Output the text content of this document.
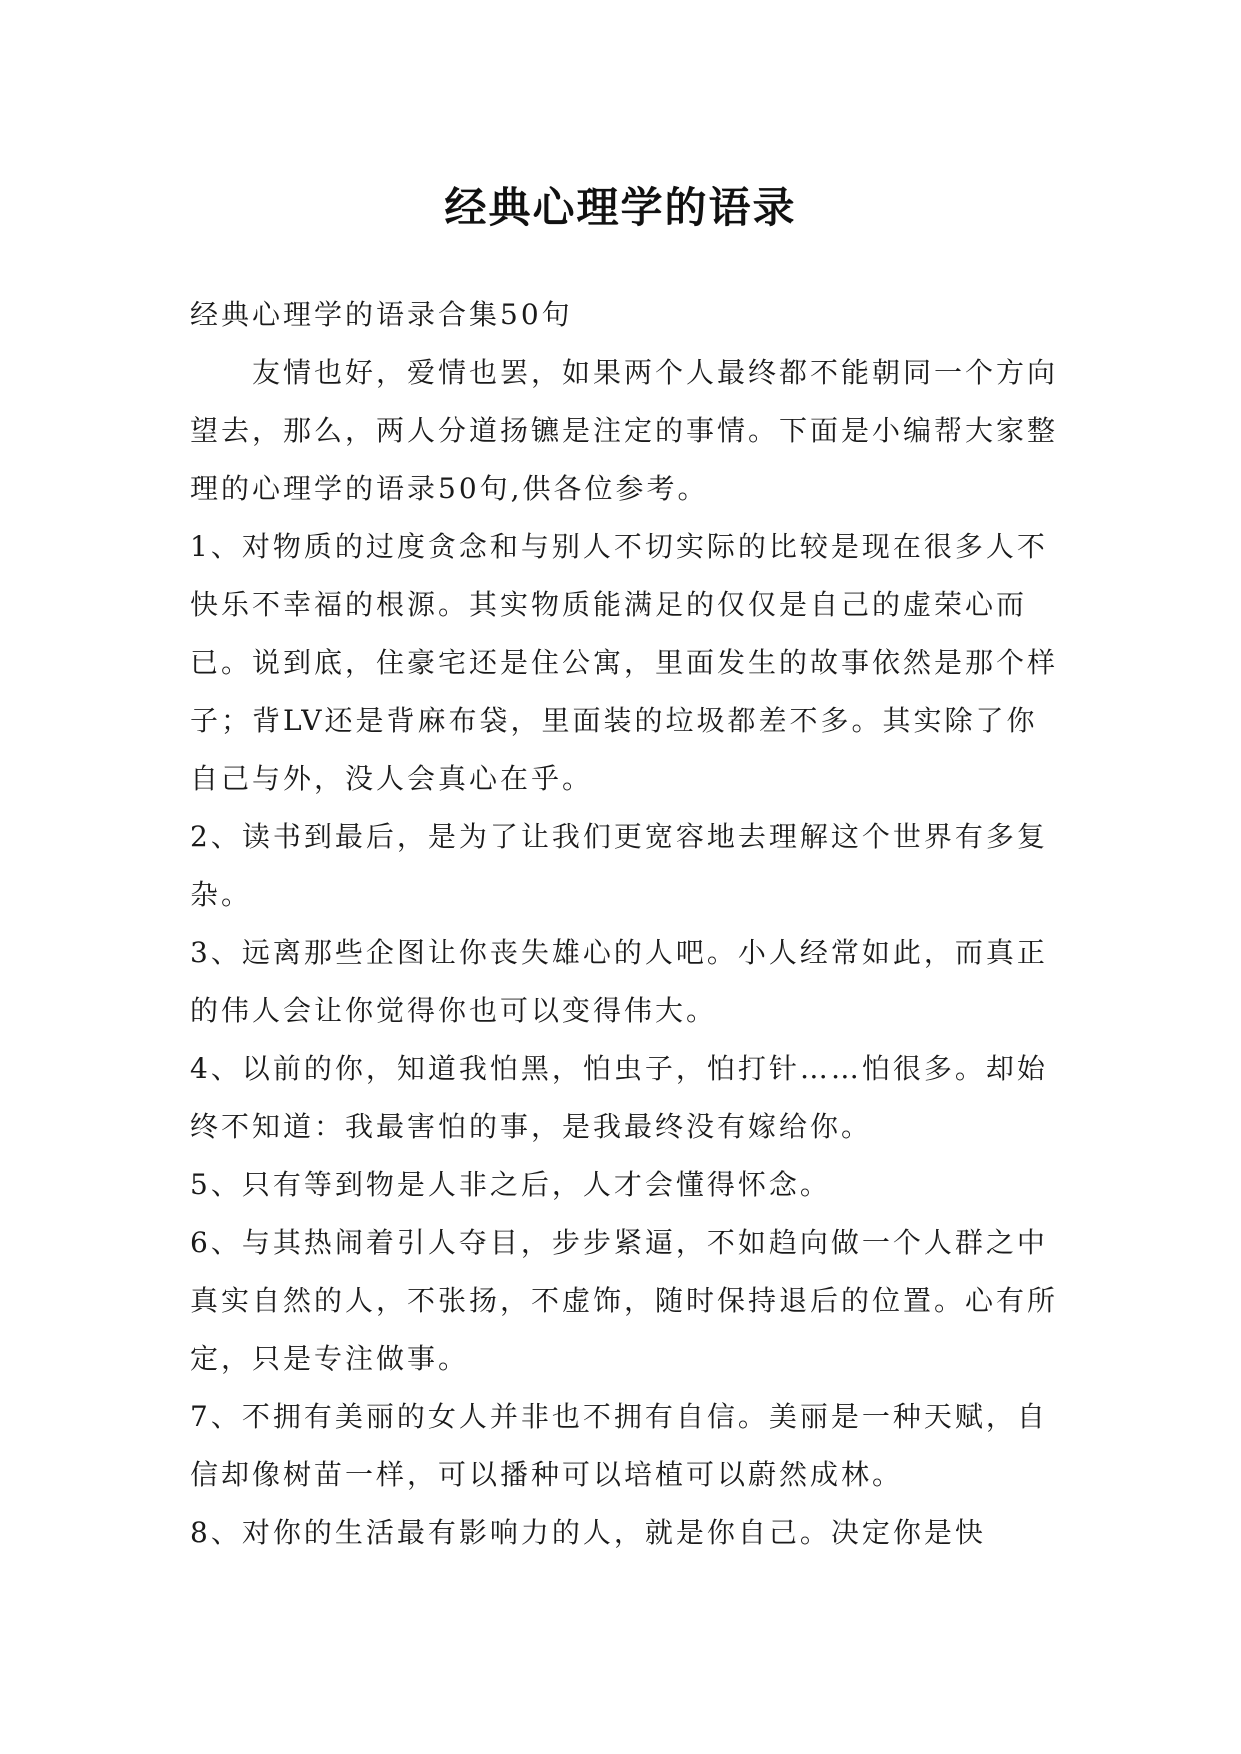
经典心理学的语录

经典心理学的语录合集50句

友情也好，爱情也罢，如果两个人最终都不能朝同一个方向望去，那么，两人分道扬镳是注定的事情。下面是小编帮大家整理的心理学的语录50句,供各位参考。

1、对物质的过度贪念和与别人不切实际的比较是现在很多人不快乐不幸福的根源。其实物质能满足的仅仅是自己的虚荣心而已。说到底，住豪宅还是住公寓，里面发生的故事依然是那个样子；背LV还是背麻布袋，里面装的垃圾都差不多。其实除了你自己与外，没人会真心在乎。

2、读书到最后，是为了让我们更宽容地去理解这个世界有多复杂。

3、远离那些企图让你丧失雄心的人吧。小人经常如此，而真正的伟人会让你觉得你也可以变得伟大。

4、以前的你，知道我怕黑，怕虫子，怕打针……怕很多。却始终不知道：我最害怕的事，是我最终没有嫁给你。

5、只有等到物是人非之后，人才会懂得怀念。

6、与其热闹着引人夺目，步步紧逼，不如趋向做一个人群之中真实自然的人，不张扬，不虚饰，随时保持退后的位置。心有所定，只是专注做事。

7、不拥有美丽的女人并非也不拥有自信。美丽是一种天赋，自信却像树苗一样，可以播种可以培植可以蔚然成林。

8、对你的生活最有影响力的人，就是你自己。决定你是快
